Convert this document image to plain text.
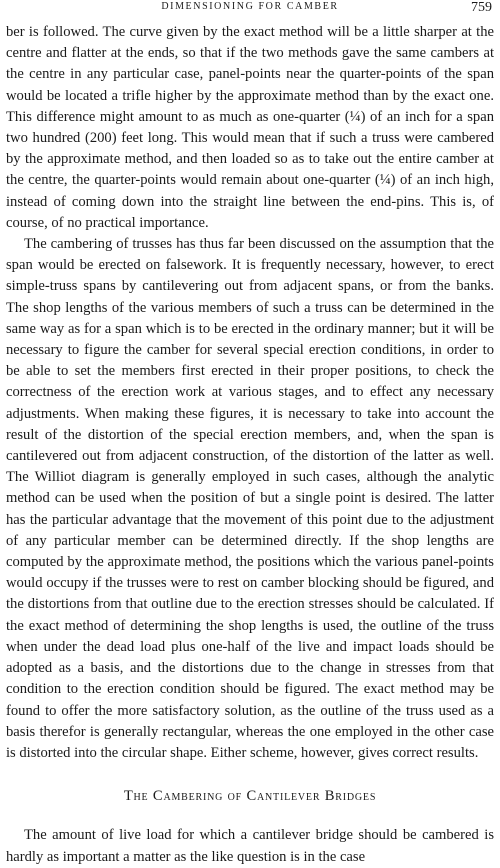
DIMENSIONING FOR CAMBER	759

ber is followed. The curve given by the exact method will be a little sharper at the centre and flatter at the ends, so that if the two methods gave the same cambers at the centre in any particular case, panel-points near the quarter-points of the span would be located a trifle higher by the approximate method than by the exact one. This difference might amount to as much as one-quarter (¼) of an inch for a span two hundred (200) feet long. This would mean that if such a truss were cambered by the approximate method, and then loaded so as to take out the entire camber at the centre, the quarter-points would remain about one-quarter (¼) of an inch high, instead of coming down into the straight line between the end-pins. This is, of course, of no practical importance.

The cambering of trusses has thus far been discussed on the assumption that the span would be erected on falsework. It is frequently necessary, however, to erect simple-truss spans by cantilevering out from adjacent spans, or from the banks. The shop lengths of the various members of such a truss can be determined in the same way as for a span which is to be erected in the ordinary manner; but it will be necessary to figure the camber for several special erection conditions, in order to be able to set the members first erected in their proper positions, to check the correctness of the erection work at various stages, and to effect any necessary adjustments. When making these figures, it is necessary to take into account the result of the distortion of the special erection members, and, when the span is cantilevered out from adjacent construction, of the distortion of the latter as well. The Williot diagram is generally employed in such cases, although the analytic method can be used when the position of but a single point is desired. The latter has the particular advantage that the movement of this point due to the adjustment of any particular member can be determined directly. If the shop lengths are computed by the approximate method, the positions which the various panel-points would occupy if the trusses were to rest on camber blocking should be figured, and the distortions from that outline due to the erection stresses should be calculated. If the exact method of determining the shop lengths is used, the outline of the truss when under the dead load plus one-half of the live and impact loads should be adopted as a basis, and the distortions due to the change in stresses from that condition to the erection condition should be figured. The exact method may be found to offer the more satisfactory solution, as the outline of the truss used as a basis therefor is generally rectangular, whereas the one employed in the other case is distorted into the circular shape. Either scheme, however, gives correct results.

The Cambering of Cantilever Bridges

The amount of live load for which a cantilever bridge should be cambered is hardly as important a matter as the like question is in the case
